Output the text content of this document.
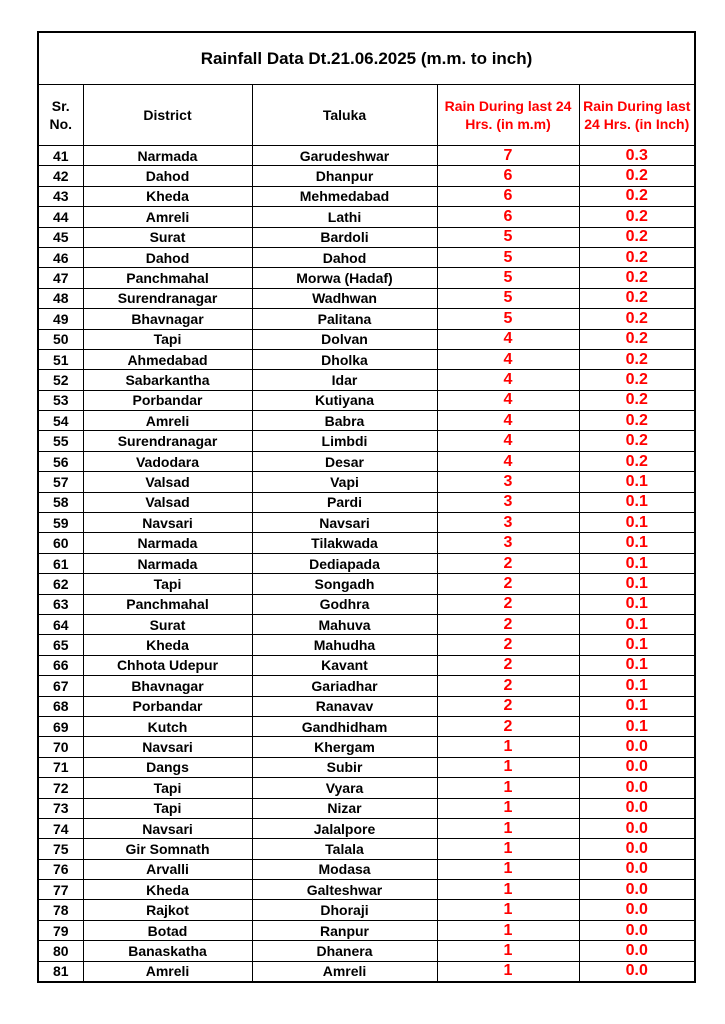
Rainfall Data Dt.21.06.2025 (m.m. to inch)				
Sr. No.	District	Taluka	Rain During last 24 Hrs. (in m.m)	Rain During last 24 Hrs. (in Inch)
41	Narmada	Garudeshwar	7	0.3
42	Dahod	Dhanpur	6	0.2
43	Kheda	Mehmedabad	6	0.2
44	Amreli	Lathi	6	0.2
45	Surat	Bardoli	5	0.2
46	Dahod	Dahod	5	0.2
47	Panchmahal	Morwa (Hadaf)	5	0.2
48	Surendranagar	Wadhwan	5	0.2
49	Bhavnagar	Palitana	5	0.2
50	Tapi	Dolvan	4	0.2
51	Ahmedabad	Dholka	4	0.2
52	Sabarkantha	Idar	4	0.2
53	Porbandar	Kutiyana	4	0.2
54	Amreli	Babra	4	0.2
55	Surendranagar	Limbdi	4	0.2
56	Vadodara	Desar	4	0.2
57	Valsad	Vapi	3	0.1
58	Valsad	Pardi	3	0.1
59	Navsari	Navsari	3	0.1
60	Narmada	Tilakwada	3	0.1
61	Narmada	Dediapada	2	0.1
62	Tapi	Songadh	2	0.1
63	Panchmahal	Godhra	2	0.1
64	Surat	Mahuva	2	0.1
65	Kheda	Mahudha	2	0.1
66	Chhota Udepur	Kavant	2	0.1
67	Bhavnagar	Gariadhar	2	0.1
68	Porbandar	Ranavav	2	0.1
69	Kutch	Gandhidham	2	0.1
70	Navsari	Khergam	1	0.0
71	Dangs	Subir	1	0.0
72	Tapi	Vyara	1	0.0
73	Tapi	Nizar	1	0.0
74	Navsari	Jalalpore	1	0.0
75	Gir Somnath	Talala	1	0.0
76	Arvalli	Modasa	1	0.0
77	Kheda	Galteshwar	1	0.0
78	Rajkot	Dhoraji	1	0.0
79	Botad	Ranpur	1	0.0
80	Banaskatha	Dhanera	1	0.0
81	Amreli	Amreli	1	0.0
